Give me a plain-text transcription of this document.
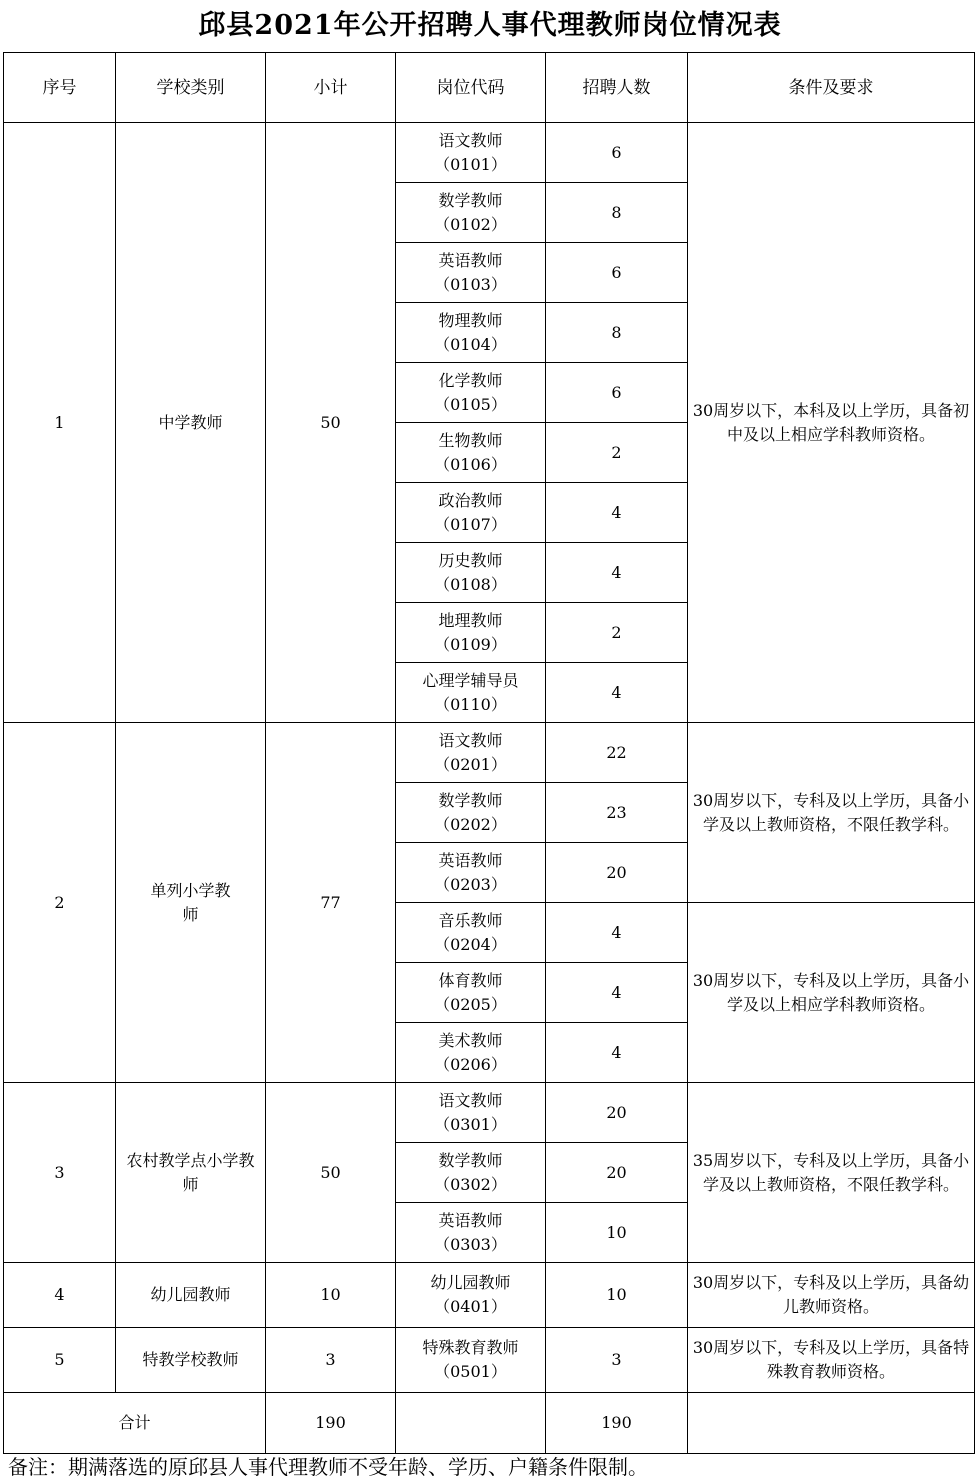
邱县2021年公开招聘人事代理教师岗位情况表
序号	学校类别	小计	岗位代码	招聘人数	条件及要求
1	中学教师	50	语文教师
（0101）	6	30周岁以下，本科及以上学历，具备初中及以上相应学科教师资格。

			数学教师
（0102）	8	

			英语教师
（0103）	6	

			物理教师
（0104）	8	

			化学教师
（0105）	6	

			生物教师
（0106）	2	

			政治教师
（0107）	4	

			历史教师
（0108）	4	

			地理教师
（0109）	2	

			心理学辅导员
（0110）	4	
2	单列小学教师	77	语文教师
（0201）	22	30周岁以下，专科及以上学历，具备小学及以上教师资格，不限任教学科。

			数学教师
（0202）	23	

			英语教师
（0203）	20	

			音乐教师
（0204）	4	30周岁以下，专科及以上学历，具备小学及以上相应学科教师资格。

			体育教师
（0205）	4	

			美术教师
（0206）	4	
3	农村教学点小学教师	50	语文教师
（0301）	20	35周岁以下，专科及以上学历，具备小学及以上教师资格，不限任教学科。

			数学教师
（0302）	20	

			英语教师
（0303）	10	
4	幼儿园教师	10	幼儿园教师
（0401）	10	30周岁以下，专科及以上学历，具备幼儿教师资格。
5	特教学校教师	3	特殊教育教师
（0501）	3	30周岁以下，专科及以上学历，具备特殊教育教师资格。
合计		190		190	
备注：期满落选的原邱县人事代理教师不受年龄、学历、户籍条件限制。
